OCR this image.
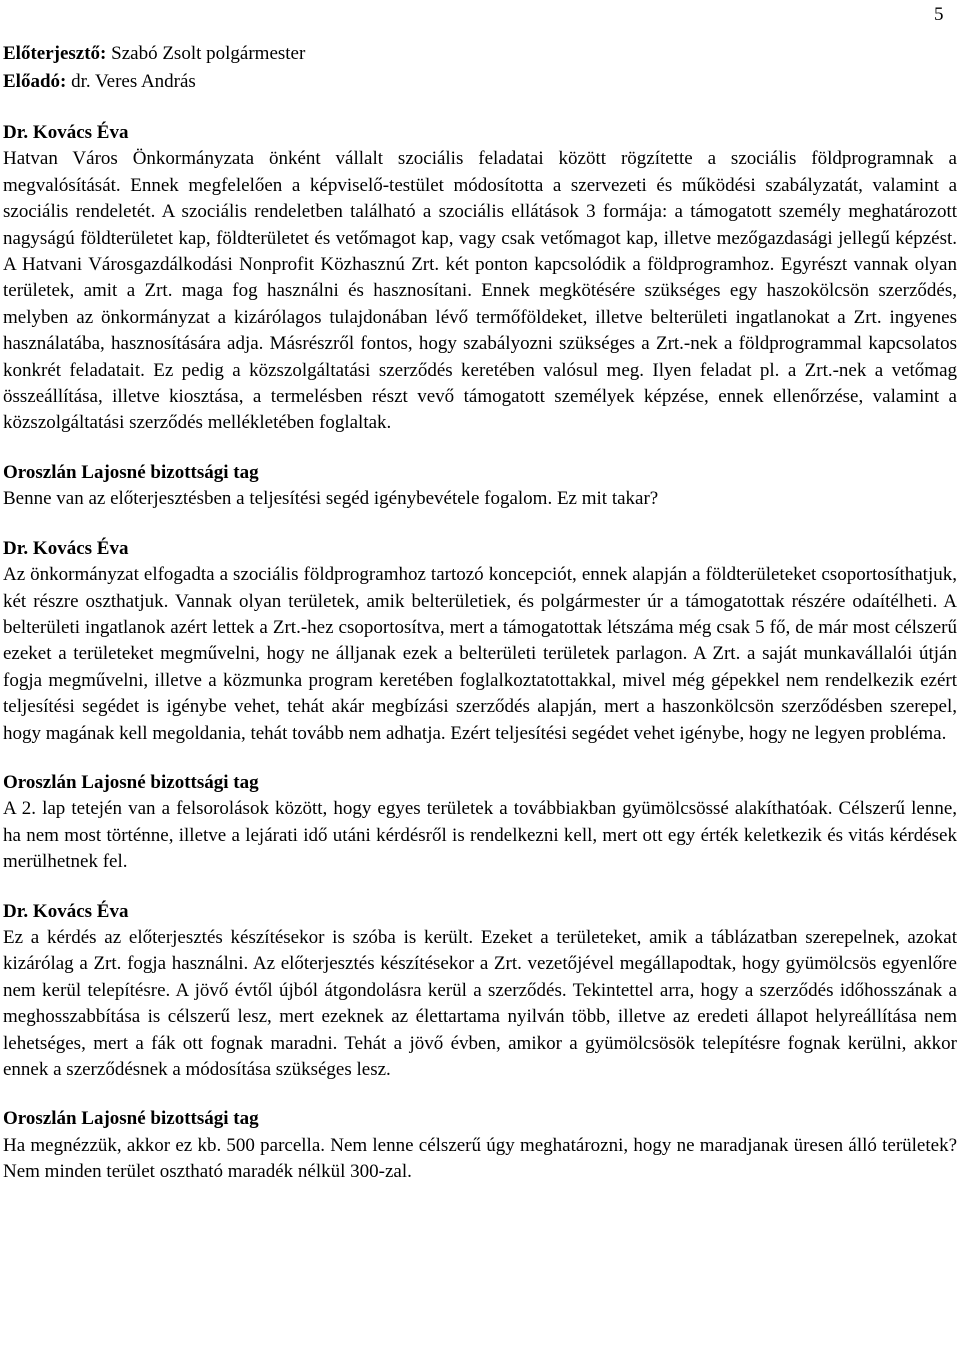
5
Előterjesztő: Szabó Zsolt polgármester
Előadó: dr. Veres András
Dr. Kovács Éva

Hatvan Város Önkormányzata önként vállalt szociális feladatai között rögzítette a szociális földprogramnak a megvalósítását. Ennek megfelelően a képviselő-testület módosította a szervezeti és működési szabályzatát, valamint a szociális rendeletét. A szociális rendeletben található a szociális ellátások 3 formája: a támogatott személy meghatározott nagyságú földterületet kap, földterületet és vetőmagot kap, vagy csak vetőmagot kap, illetve mezőgazdasági jellegű képzést. A Hatvani Városgazdálkodási Nonprofit Közhasznú Zrt. két ponton kapcsolódik a földprogramhoz. Egyrészt vannak olyan területek, amit a Zrt. maga fog használni és hasznosítani. Ennek megkötésére szükséges egy haszokölcsön szerződés, melyben az önkormányzat a kizárólagos tulajdonában lévő termőföldeket, illetve belterületi ingatlanokat a Zrt. ingyenes használatába, hasznosítására adja. Másrészről fontos, hogy szabályozni szükséges a Zrt.-nek a földprogrammal kapcsolatos konkrét feladatait. Ez pedig a közszolgáltatási szerződés keretében valósul meg. Ilyen feladat pl. a Zrt.-nek a vetőmag összeállítása, illetve kiosztása, a termelésben részt vevő támogatott személyek képzése, ennek ellenőrzése, valamint a közszolgáltatási szerződés mellékletében foglaltak.

Oroszlán Lajosné bizottsági tag

Benne van az előterjesztésben a teljesítési segéd igénybevétele fogalom. Ez mit takar?

Dr. Kovács Éva

Az önkormányzat elfogadta a szociális földprogramhoz tartozó koncepciót, ennek alapján a földterületeket csoportosíthatjuk, két részre oszthatjuk. Vannak olyan területek, amik belterületiek, és polgármester úr a támogatottak részére odaítélheti. A belterületi ingatlanok azért lettek a Zrt.-hez csoportosítva, mert a támogatottak létszáma még csak 5 fő, de már most célszerű ezeket a területeket megművelni, hogy ne álljanak ezek a belterületi területek parlagon. A Zrt. a saját munkavállalói útján fogja megművelni, illetve a közmunka program keretében foglalkoztatottakkal, mivel még gépekkel nem rendelkezik ezért teljesítési segédet is igénybe vehet, tehát akár megbízási szerződés alapján, mert a haszonkölcsön szerződésben szerepel, hogy magának kell megoldania, tehát tovább nem adhatja. Ezért teljesítési segédet vehet igénybe, hogy ne legyen probléma.

Oroszlán Lajosné bizottsági tag

A 2. lap tetején van a felsorolások között, hogy egyes területek a továbbiakban gyümölcsössé alakíthatóak. Célszerű lenne, ha nem most történne, illetve a lejárati idő utáni kérdésről is rendelkezni kell, mert ott egy érték keletkezik és vitás kérdések merülhetnek fel.

Dr. Kovács Éva

Ez a kérdés az előterjesztés készítésekor is szóba is került. Ezeket a területeket, amik a táblázatban szerepelnek, azokat kizárólag a Zrt. fogja használni. Az előterjesztés készítésekor a Zrt. vezetőjével megállapodtak, hogy gyümölcsös egyenlőre nem kerül telepítésre. A jövő évtől újból átgondolásra kerül a szerződés. Tekintettel arra, hogy a szerződés időhosszának a meghosszabbítása is célszerű lesz, mert ezeknek az élettartama nyilván több, illetve az eredeti állapot helyreállítása nem lehetséges, mert a fák ott fognak maradni. Tehát a jövő évben, amikor a gyümölcsösök telepítésre fognak kerülni, akkor ennek a szerződésnek a módosítása szükséges lesz.

Oroszlán Lajosné bizottsági tag

Ha megnézzük, akkor ez kb. 500 parcella. Nem lenne célszerű úgy meghatározni, hogy ne maradjanak üresen álló területek? Nem minden terület osztható maradék nélkül 300-zal.
